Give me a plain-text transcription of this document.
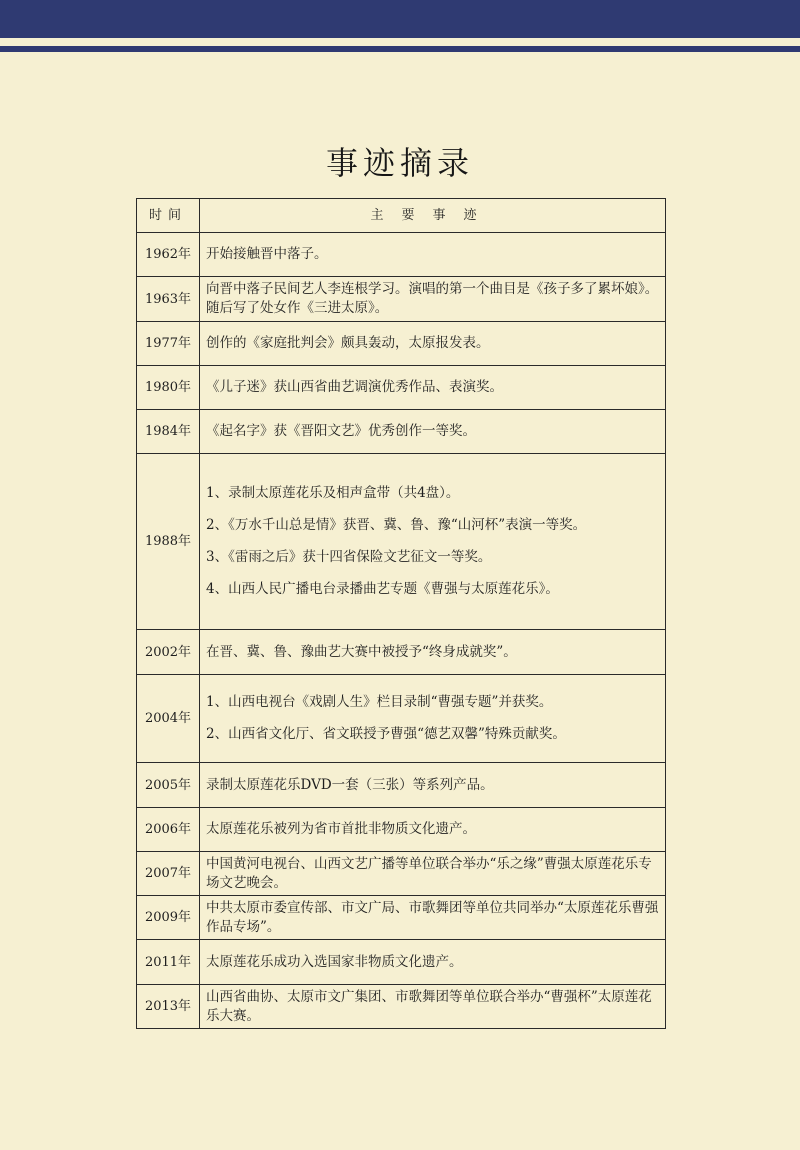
事迹摘录
时间	主要事迹
1962年	开始接触晋中落子。
1963年	向晋中落子民间艺人李连根学习。演唱的第一个曲目是《孩子多了累坏娘》。随后写了处女作《三进太原》。
1977年	创作的《家庭批判会》颇具轰动，太原报发表。
1980年	《儿子迷》获山西省曲艺调演优秀作品、表演奖。
1984年	《起名字》获《晋阳文艺》优秀创作一等奖。
1988年	1、录制太原莲花乐及相声盒带（共4盘）。
2、《万水千山总是情》获晋、冀、鲁、豫“山河杯”表演一等奖。
3、《雷雨之后》获十四省保险文艺征文一等奖。
4、山西人民广播电台录播曲艺专题《曹强与太原莲花乐》。

2002年	在晋、冀、鲁、豫曲艺大赛中被授予“终身成就奖”。
2004年	1、山西电视台《戏剧人生》栏目录制“曹强专题”并获奖。
2、山西省文化厅、省文联授予曹强“德艺双馨”特殊贡献奖。

2005年	录制太原莲花乐DVD一套（三张）等系列产品。
2006年	太原莲花乐被列为省市首批非物质文化遗产。
2007年	中国黄河电视台、山西文艺广播等单位联合举办“乐之缘”曹强太原莲花乐专场文艺晚会。
2009年	中共太原市委宣传部、市文广局、市歌舞团等单位共同举办“太原莲花乐曹强作品专场”。
2011年	太原莲花乐成功入选国家非物质文化遗产。
2013年	山西省曲协、太原市文广集团、市歌舞团等单位联合举办“曹强杯”太原莲花乐大赛。
